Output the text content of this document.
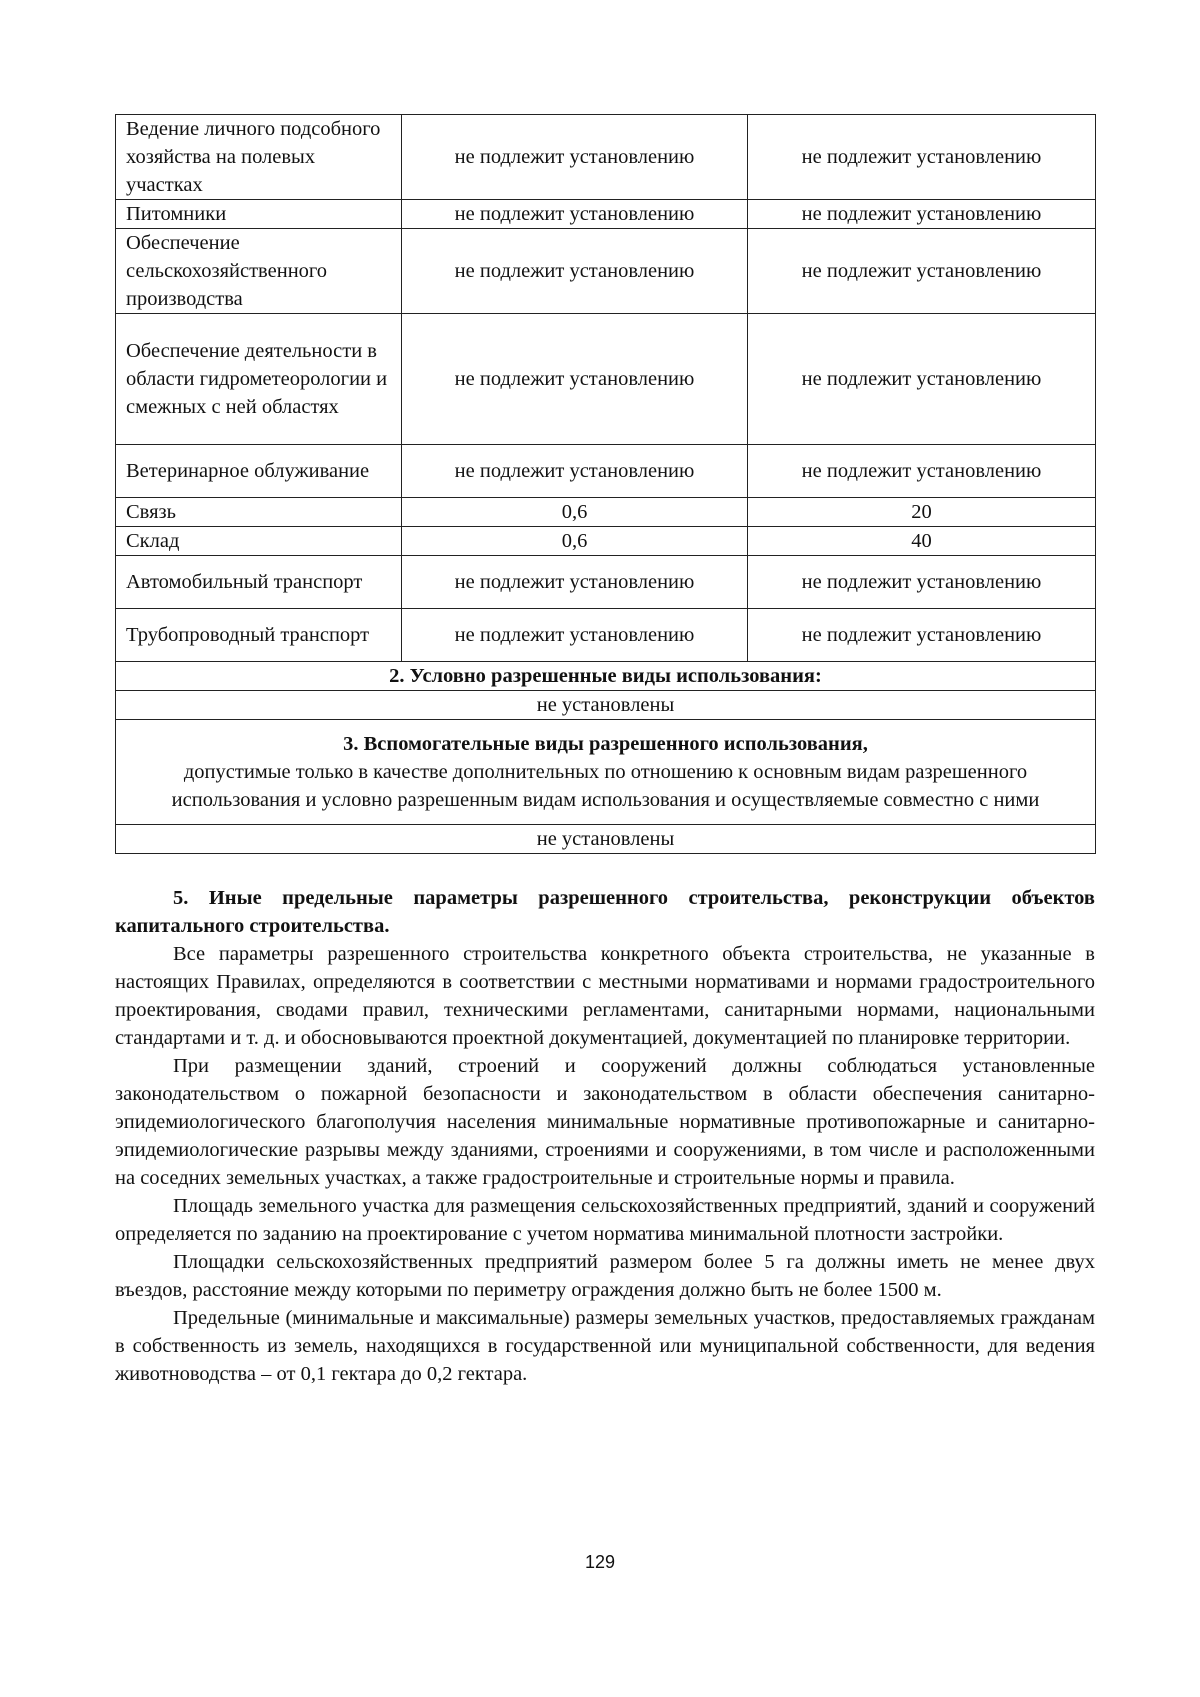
Ведение личного подсобного хозяйства на полевых участках	не подлежит установлению	не подлежит установлению
Питомники	не подлежит установлению	не подлежит установлению
Обеспечение сельскохозяйственного производства	не подлежит установлению	не подлежит установлению
Обеспечение деятельности в области гидрометеорологии и смежных с ней областях	не подлежит установлению	не подлежит установлению
Ветеринарное облуживание	не подлежит установлению	не подлежит установлению
Связь	0,6	20
Склад	0,6	40
Автомобильный транспорт	не подлежит установлению	не подлежит установлению
Трубопроводный транспорт	не подлежит установлению	не подлежит установлению
2. Условно разрешенные виды использования:		
не установлены		

3. Вспомогательные виды разрешенного использования,
допустимые только в качестве дополнительных по отношению к основным видам разрешенного использования и условно разрешенным видам использования и осуществляемые совместно с ними		

не установлены		
5. Иные предельные параметры разрешенного строительства, реконструкции объектов капитального строительства.

Все параметры разрешенного строительства конкретного объекта строительства, не указанные в настоящих Правилах, определяются в соответствии с местными нормативами и нормами градостроительного проектирования, сводами правил, техническими регламентами, санитарными нормами, национальными стандартами и т. д. и обосновываются проектной документацией, документацией по планировке территории.

При размещении зданий, строений и сооружений должны соблюдаться установленные законодательством о пожарной безопасности и законодательством в области обеспечения санитарно-эпидемиологического благополучия населения минимальные нормативные противопожарные и санитарно-эпидемиологические разрывы между зданиями, строениями и сооружениями, в том числе и расположенными на соседних земельных участках, а также градостроительные и строительные нормы и правила.

Площадь земельного участка для размещения сельскохозяйственных предприятий, зданий и сооружений определяется по заданию на проектирование с учетом норматива минимальной плотности застройки.

Площадки сельскохозяйственных предприятий размером более 5 га должны иметь не менее двух въездов, расстояние между которыми по периметру ограждения должно быть не более 1500 м.

Предельные (минимальные и максимальные) размеры земельных участков, предоставляемых гражданам в собственность из земель, находящихся в государственной или муниципальной собственности, для ведения животноводства – от 0,1 гектара до 0,2 гектара.

129
